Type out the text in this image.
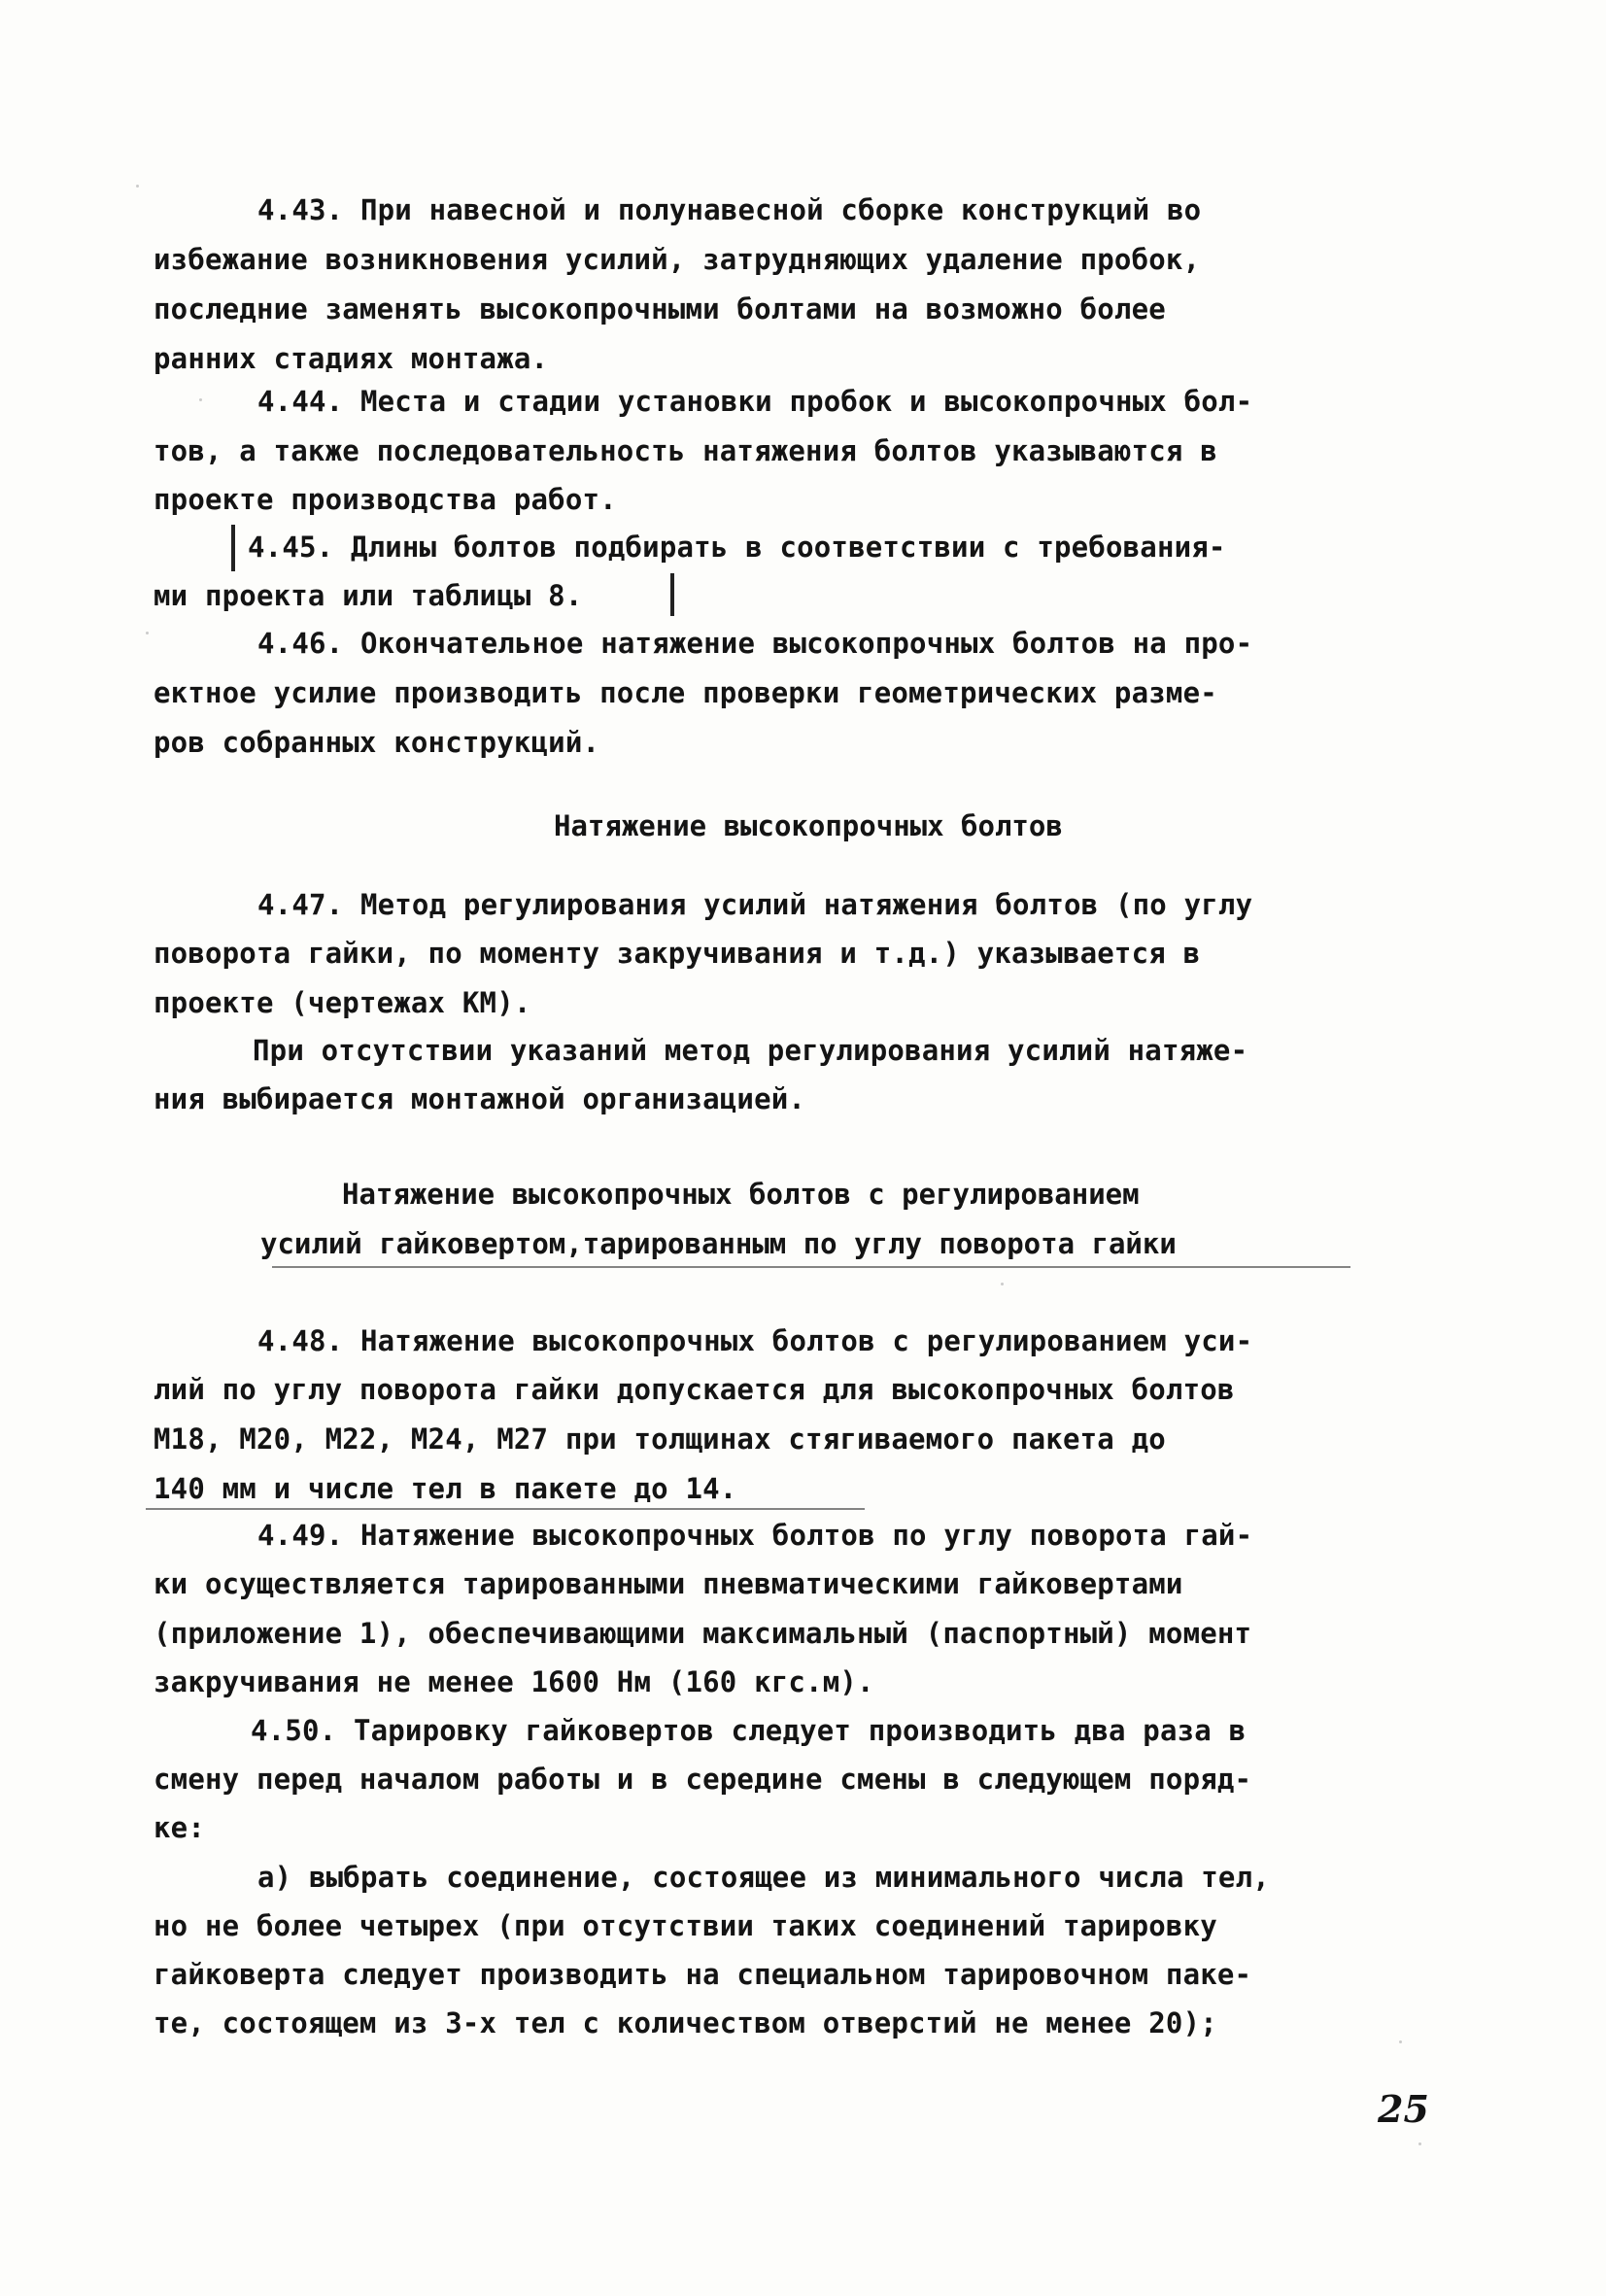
4.43. При навесной и полунавесной сборке конструкций во
избежание возникновения усилий, затрудняющих удаление пробок,
последние заменять высокопрочными болтами на возможно более
ранних стадиях монтажа.
4.44. Места и стадии установки пробок и высокопрочных бол-
тов, а также последовательность натяжения болтов указываются в
проекте производства работ.
4.45. Длины болтов подбирать в соответствии с требования-
ми проекта или таблицы 8.
4.46. Окончательное натяжение высокопрочных болтов на про-
ектное усилие производить после проверки геометрических разме-
ров собранных конструкций.
Натяжение высокопрочных болтов
4.47. Метод регулирования усилий натяжения болтов (по углу
поворота гайки, по моменту закручивания и т.д.) указывается в
проекте (чертежах КМ).
При отсутствии указаний метод регулирования усилий натяже-
ния выбирается монтажной организацией.
Натяжение высокопрочных болтов с регулированием
усилий гайковертом,тарированным по углу поворота гайки
4.48. Натяжение высокопрочных болтов с регулированием уси-
лий по углу поворота гайки допускается для высокопрочных болтов
М18, М20, М22, М24, М27 при толщинах стягиваемого пакета до
140 мм и числе тел в пакете до 14.
4.49. Натяжение высокопрочных болтов по углу поворота гай-
ки осуществляется тарированными пневматическими гайковертами
(приложение 1), обеспечивающими максимальный (паспортный) момент
закручивания не менее 1600 Нм (160 кгс.м).
4.50. Тарировку гайковертов следует производить два раза в
смену перед началом работы и в середине смены в следующем поряд-
ке:
а) выбрать соединение, состоящее из минимального числа тел,
но не более четырех (при отсутствии таких соединений тарировку
гайковерта следует производить на специальном тарировочном паке-
те, состоящем из 3-х тел с количеством отверстий не менее 20);
25
